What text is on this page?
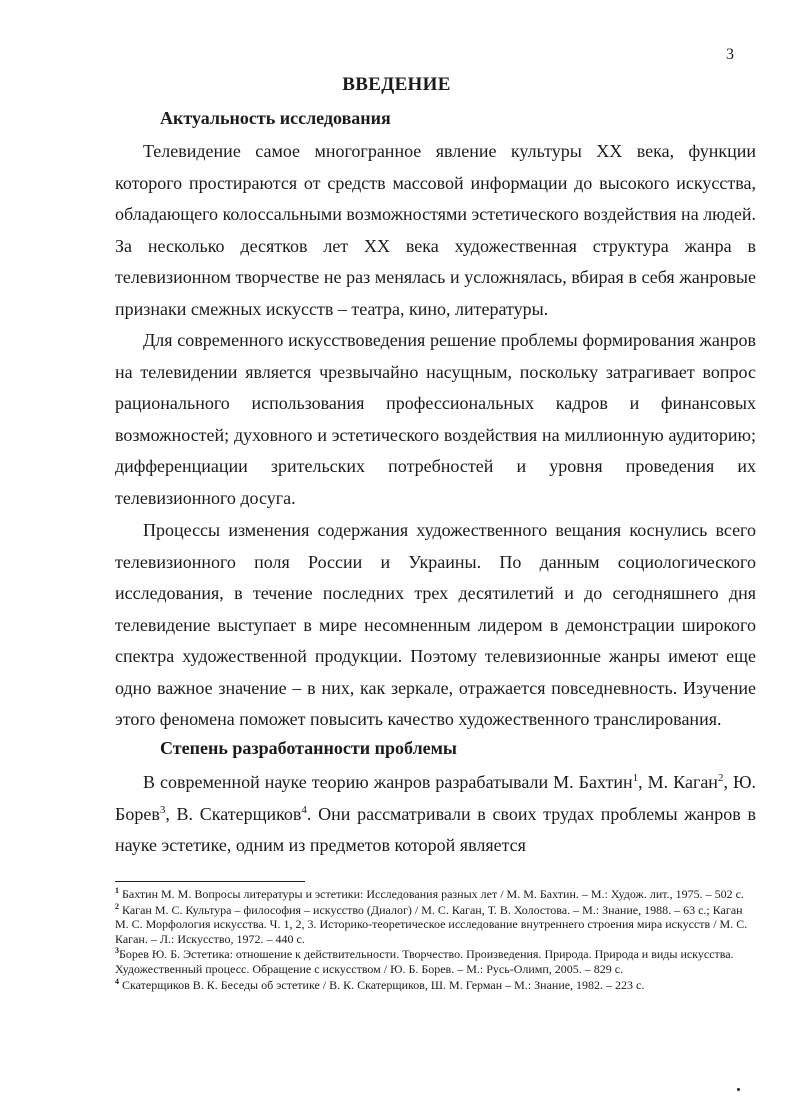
3
ВВЕДЕНИЕ
Актуальность исследования

Телевидение самое многогранное явление культуры XX века, функции которого простираются от средств массовой информации до высокого искусства, обладающего колоссальными возможностями эстетического воздействия на людей. За несколько десятков лет XX века художественная структура жанра в телевизионном творчестве не раз менялась и усложнялась, вбирая в себя жанровые признаки смежных искусств – театра, кино, литературы.

Для современного искусствоведения решение проблемы формирования жанров на телевидении является чрезвычайно насущным, поскольку затрагивает вопрос рационального использования профессиональных кадров и финансовых возможностей; духовного и эстетического воздействия на миллионную аудиторию; дифференциации зрительских потребностей и уровня проведения их телевизионного досуга.

Процессы изменения содержания художественного вещания коснулись всего телевизионного поля России и Украины. По данным социологического исследования, в течение последних трех десятилетий и до сегодняшнего дня телевидение выступает в мире несомненным лидером в демонстрации широкого спектра художественной продукции. Поэтому телевизионные жанры имеют еще одно важное значение – в них, как зеркале, отражается повседневность. Изучение этого феномена поможет повысить качество художественного транслирования.

Степень разработанности проблемы

В современной науке теорию жанров разрабатывали М. Бахтин$^1$, М. Каган$^2$, Ю. Борев$^3$, В. Скатерщиков$^4$. Они рассматривали в своих трудах проблемы жанров в науке эстетике, одним из предметов которой является

$^1$ Бахтин М. М. Вопросы литературы и эстетики: Исследования разных лет / М. М. Бахтин. – М.: Худож. лит., 1975. – 502 с.

$^2$ Каган М. С. Культура – философия – искусство (Диалог) / М. С. Каган, Т. В. Холостова. – М.: Знание, 1988. – 63 с.; Каган М. С. Морфология искусства. Ч. 1, 2, 3. Историко-теоретическое исследование внутреннего строения мира искусств / М. С. Каган. – Л.: Искусство, 1972. – 440 с.

$^3$Борев Ю. Б. Эстетика: отношение к действительности. Творчество. Произведения. Природа. Природа и виды искусства. Художественный процесс. Обращение с искусством / Ю. Б. Борев. – М.: Русь-Олимп, 2005. – 829 с.

$^4$ Скатерщиков В. К. Беседы об эстетике / В. К. Скатерщиков, Ш. М. Герман – М.: Знание, 1982. – 223 с.
